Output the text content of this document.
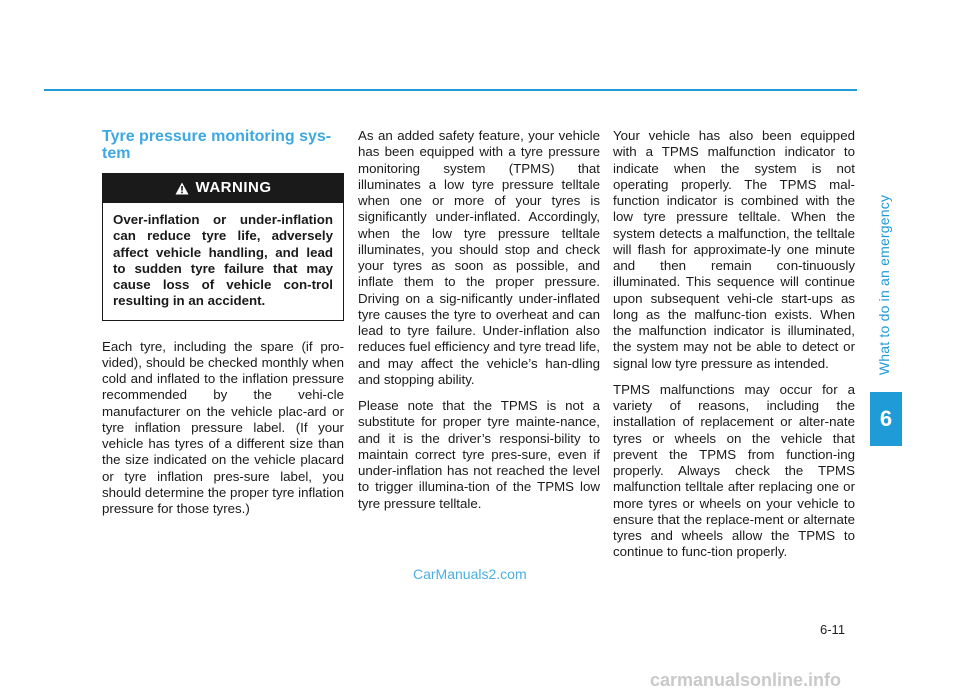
What to do in an emergency
6
Tyre pressure monitoring sys-
tem
WARNING
Over-inflation or under-inflation can reduce tyre life, adversely affect vehicle handling, and lead to sudden tyre failure that may cause loss of vehicle con-trol resulting in an accident.

Each tyre, including the spare (if pro-vided), should be checked monthly when cold and inflated to the inflation pressure recommended by the vehi-cle manufacturer on the vehicle plac-ard or tyre inflation pressure label. (If your vehicle has tyres of a different size than the size indicated on the vehicle placard or tyre inflation pres-sure label, you should determine the proper tyre inflation pressure for those tyres.)

As an added safety feature, your vehicle has been equipped with a tyre pressure monitoring system (TPMS) that illuminates a low tyre pressure telltale when one or more of your tyres is significantly under-inflated. Accordingly, when the low tyre pressure telltale illuminates, you should stop and check your tyres as soon as possible, and inflate them to the proper pressure. Driving on a sig-nificantly under-inflated tyre causes the tyre to overheat and can lead to tyre failure. Under-inflation also reduces fuel efficiency and tyre tread life, and may affect the vehicle’s han-dling and stopping ability.

Please note that the TPMS is not a substitute for proper tyre mainte-nance, and it is the driver’s responsi-bility to maintain correct tyre pres-sure, even if under-inflation has not reached the level to trigger illumina-tion of the TPMS low tyre pressure telltale.

Your vehicle has also been equipped with a TPMS malfunction indicator to indicate when the system is not operating properly. The TPMS mal-function indicator is combined with the low tyre pressure telltale. When the system detects a malfunction, the telltale will flash for approximate-ly one minute and then remain con-tinuously illuminated. This sequence will continue upon subsequent vehi-cle start-ups as long as the malfunc-tion exists. When the malfunction indicator is illuminated, the system may not be able to detect or signal low tyre pressure as intended.

TPMS malfunctions may occur for a variety of reasons, including the installation of replacement or alter-nate tyres or wheels on the vehicle that prevent the TPMS from function-ing properly. Always check the TPMS malfunction telltale after replacing one or more tyres or wheels on your vehicle to ensure that the replace-ment or alternate tyres and wheels allow the TPMS to continue to func-tion properly.

CarManuals2.com
6-11
carmanualsonline.info
